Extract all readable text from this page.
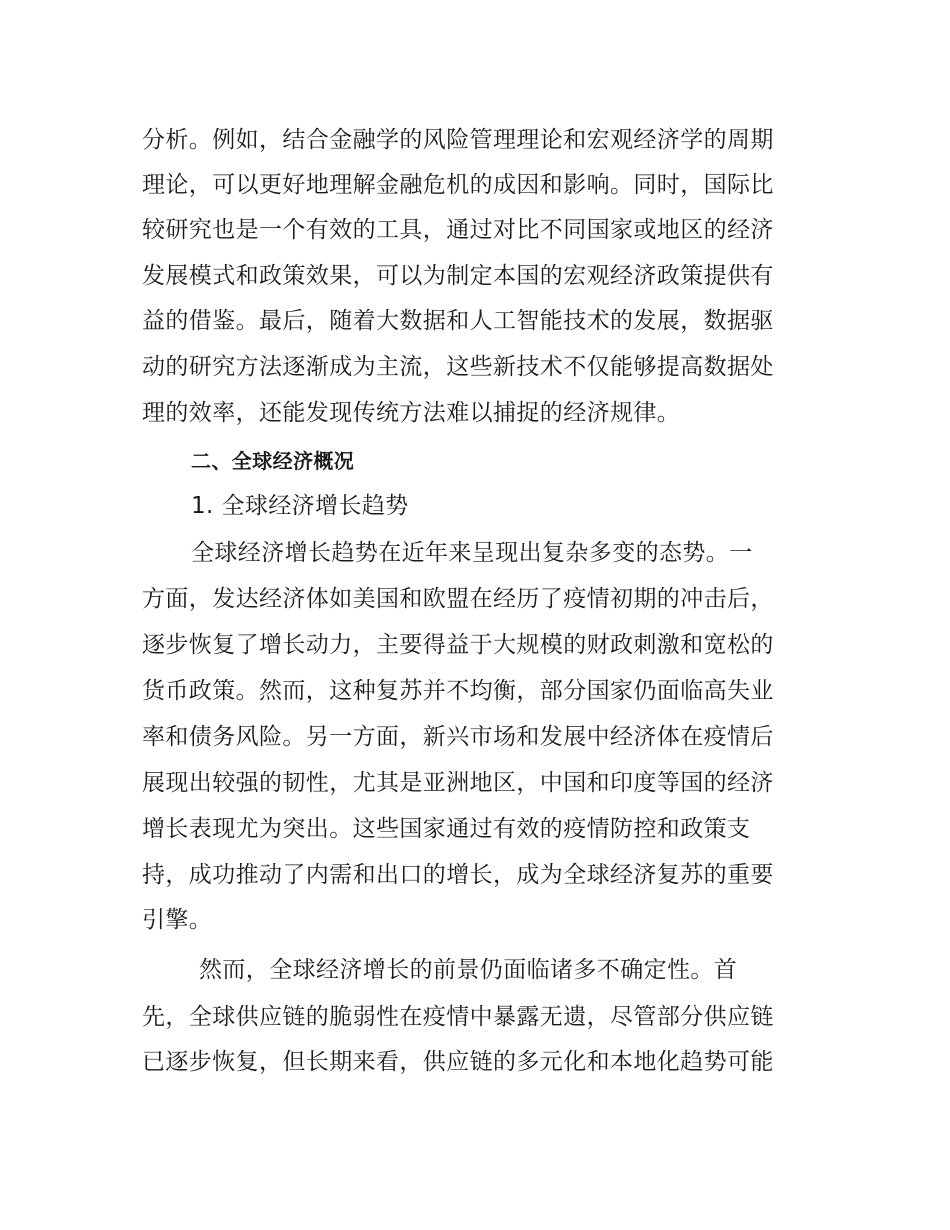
分析。例如，结合金融学的风险管理理论和宏观经济学的周期
理论，可以更好地理解金融危机的成因和影响。同时，国际比
较研究也是一个有效的工具，通过对比不同国家或地区的经济
发展模式和政策效果，可以为制定本国的宏观经济政策提供有
益的借鉴。最后，随着大数据和人工智能技术的发展，数据驱
动的研究方法逐渐成为主流，这些新技术不仅能够提高数据处
理的效率，还能发现传统方法难以捕捉的经济规律。
二、全球经济概况
1. 全球经济增长趋势
全球经济增长趋势在近年来呈现出复杂多变的态势。一
方面，发达经济体如美国和欧盟在经历了疫情初期的冲击后，
逐步恢复了增长动力，主要得益于大规模的财政刺激和宽松的
货币政策。然而，这种复苏并不均衡，部分国家仍面临高失业
率和债务风险。另一方面，新兴市场和发展中经济体在疫情后
展现出较强的韧性，尤其是亚洲地区，中国和印度等国的经济
增长表现尤为突出。这些国家通过有效的疫情防控和政策支
持，成功推动了内需和出口的增长，成为全球经济复苏的重要
引擎。
然而，全球经济增长的前景仍面临诸多不确定性。首
先，全球供应链的脆弱性在疫情中暴露无遗，尽管部分供应链
已逐步恢复，但长期来看，供应链的多元化和本地化趋势可能
